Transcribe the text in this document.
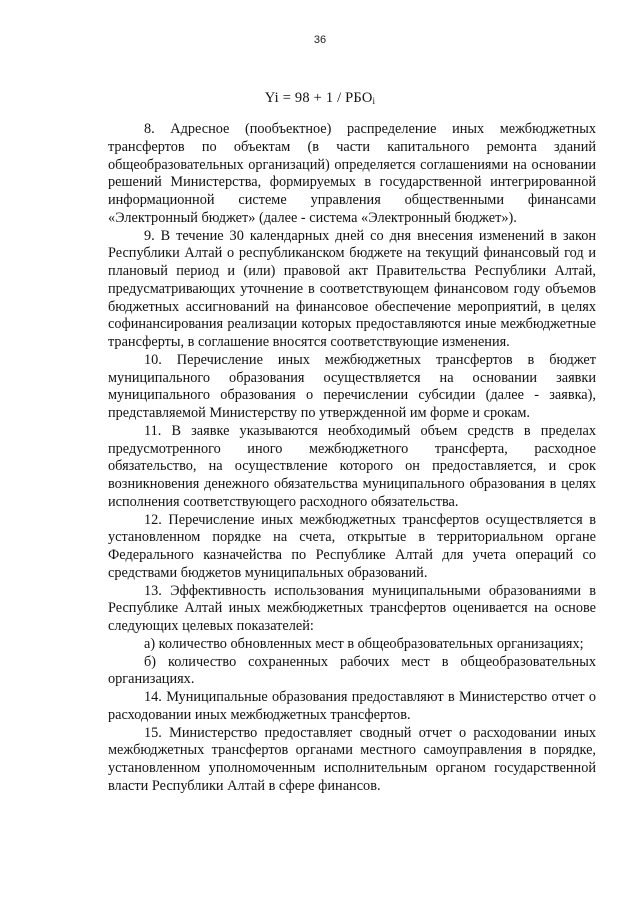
36
$Yi = 98 + 1 / РБО_i$

8. Адресное (пообъектное) распределение иных межбюджетных трансфертов по объектам (в части капитального ремонта зданий общеобразовательных организаций) определяется соглашениями на основании решений Министерства, формируемых в государственной интегрированной информационной системе управления общественными финансами «Электронный бюджет» (далее - система «Электронный бюджет»).

9. В течение 30 календарных дней со дня внесения изменений в закон Республики Алтай о республиканском бюджете на текущий финансовый год и плановый период и (или) правовой акт Правительства Республики Алтай, предусматривающих уточнение в соответствующем финансовом году объемов бюджетных ассигнований на финансовое обеспечение мероприятий, в целях софинансирования реализации которых предоставляются иные межбюджетные трансферты, в соглашение вносятся соответствующие изменения.

10. Перечисление иных межбюджетных трансфертов в бюджет муниципального образования осуществляется на основании заявки муниципального образования о перечислении субсидии (далее - заявка), представляемой Министерству по утвержденной им форме и срокам.

11. В заявке указываются необходимый объем средств в пределах предусмотренного иного межбюджетного трансферта, расходное обязательство, на осуществление которого он предоставляется, и срок возникновения денежного обязательства муниципального образования в целях исполнения соответствующего расходного обязательства.

12. Перечисление иных межбюджетных трансфертов осуществляется в установленном порядке на счета, открытые в территориальном органе Федерального казначейства по Республике Алтай для учета операций со средствами бюджетов муниципальных образований.

13. Эффективность использования муниципальными образованиями в Республике Алтай иных межбюджетных трансфертов оценивается на основе следующих целевых показателей:

а) количество обновленных мест в общеобразовательных организациях;

б) количество сохраненных рабочих мест в общеобразовательных организациях.

14. Муниципальные образования предоставляют в Министерство отчет о расходовании иных межбюджетных трансфертов.

15. Министерство предоставляет сводный отчет о расходовании иных межбюджетных трансфертов органами местного самоуправления в порядке, установленном уполномоченным исполнительным органом государственной власти Республики Алтай в сфере финансов.
